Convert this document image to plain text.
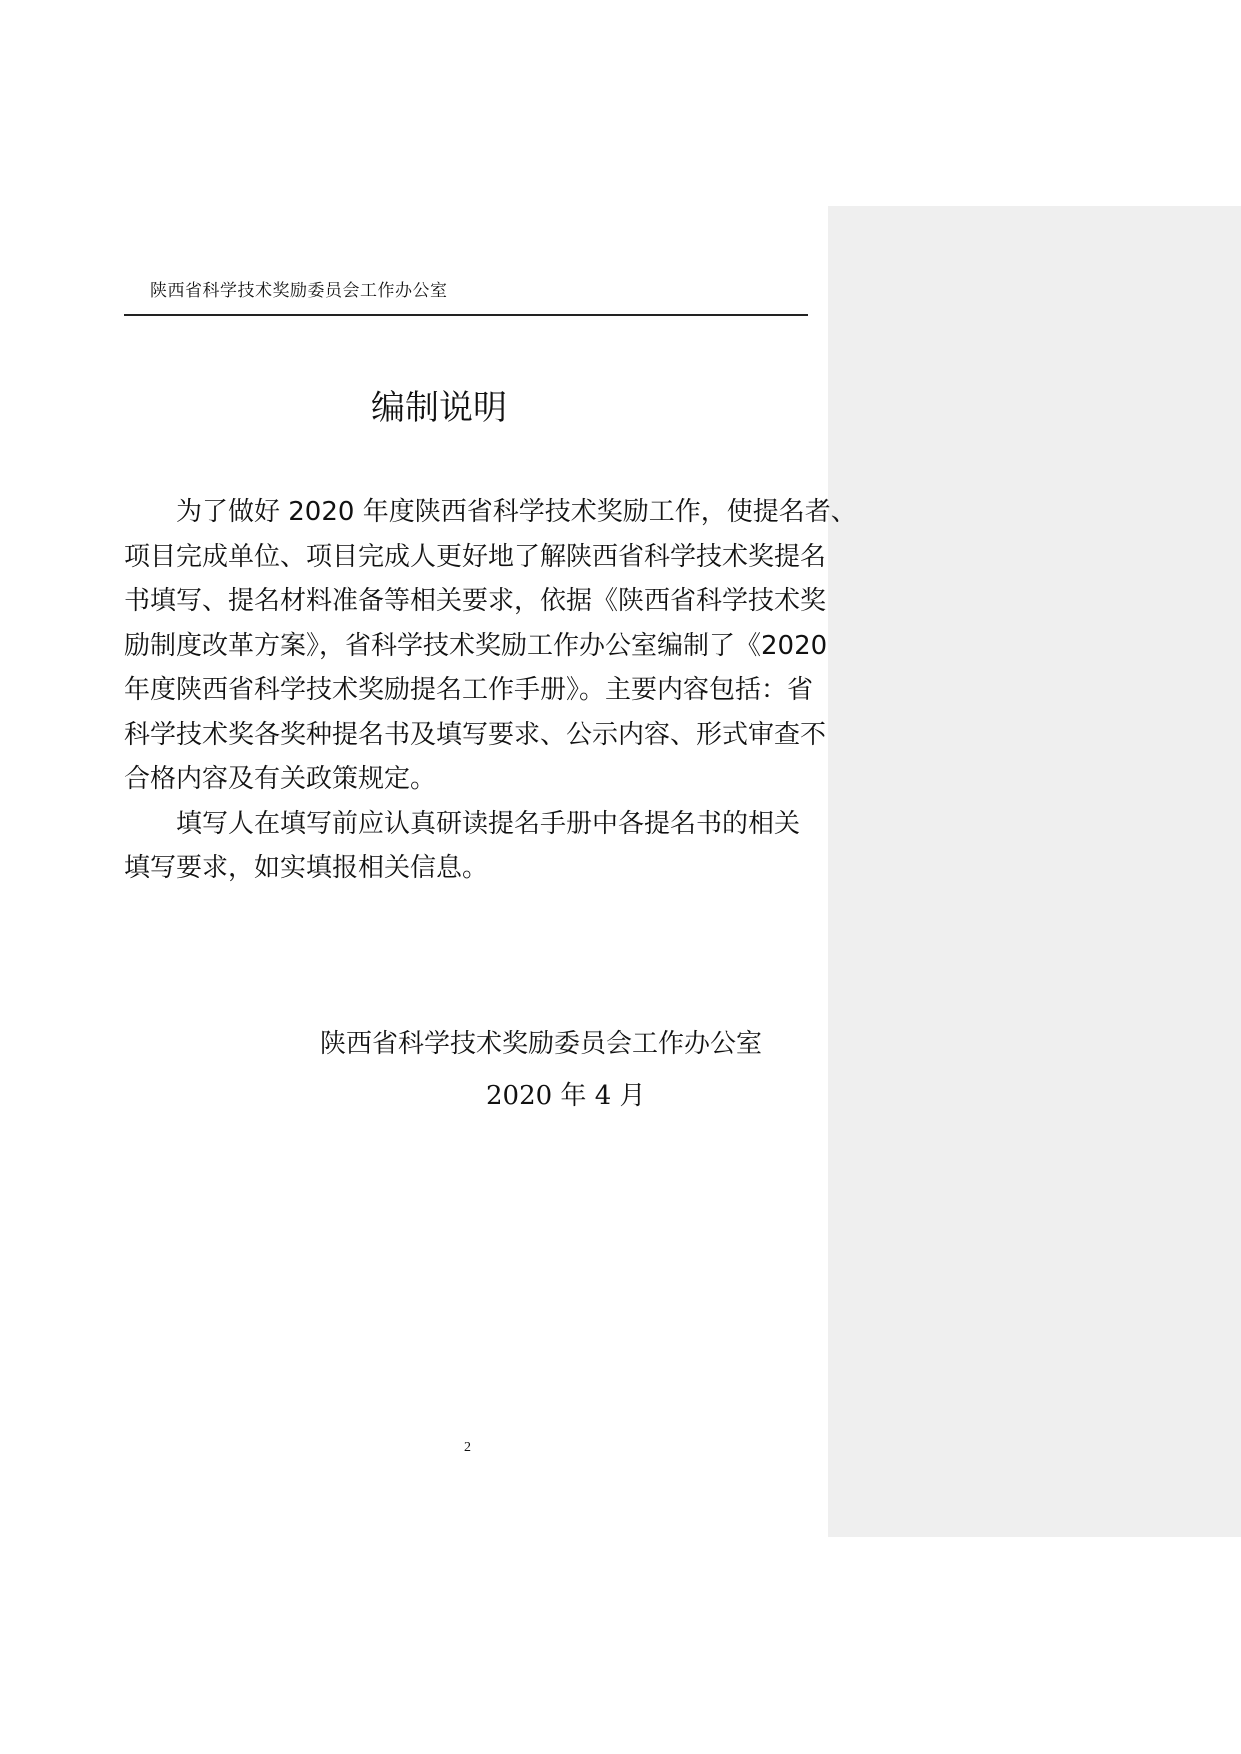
陕西省科学技术奖励委员会工作办公室
编制说明

为了做好 2020 年度陕西省科学技术奖励工作，使提名者、
项目完成单位、项目完成人更好地了解陕西省科学技术奖提名
书填写、提名材料准备等相关要求，依据《陕西省科学技术奖
励制度改革方案》，省科学技术奖励工作办公室编制了《2020
年度陕西省科学技术奖励提名工作手册》。主要内容包括：省
科学技术奖各奖种提名书及填写要求、公示内容、形式审查不
合格内容及有关政策规定。

填写人在填写前应认真研读提名手册中各提名书的相关
填写要求，如实填报相关信息。

陕西省科学技术奖励委员会工作办公室
2020 年 4 月
2
